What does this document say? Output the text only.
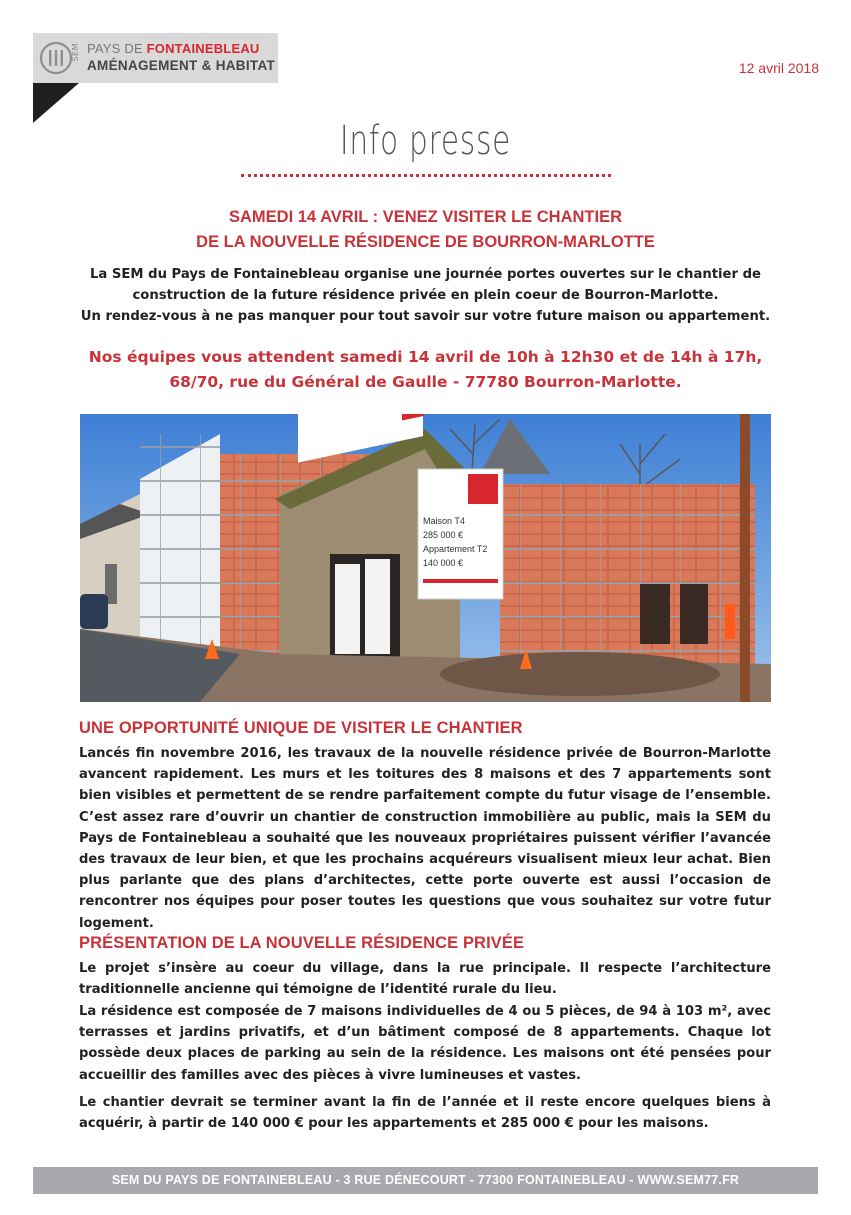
SEM PAYS DE FONTAINEBLEAU
AMÉNAGEMENT & HABITAT	12 avril 2018
Info presse
SAMEDI 14 AVRIL : VENEZ VISITER LE CHANTIER
DE LA NOUVELLE RÉSIDENCE DE BOURRON-MARLOTTE

La SEM du Pays de Fontainebleau organise une journée portes ouvertes sur le chantier de

construction de la future résidence privée en plein coeur de Bourron-Marlotte.

Un rendez-vous à ne pas manquer pour tout savoir sur votre future maison ou appartement.

Nos équipes vous attendent samedi 14 avril de 10h à 12h30 et de 14h à 17h,

68/70, rue du Général de Gaulle - 77780 Bourron-Marlotte.

Maison T4
285 000 €
Appartement T2
140 000 €
UNE OPPORTUNITÉ UNIQUE DE VISITER LE CHANTIER

Lancés fin novembre 2016, les travaux de la nouvelle résidence privée de Bourron-Marlotte avancent rapidement. Les murs et les toitures des 8 maisons et des 7 appartements sont bien visibles et permettent de se rendre parfaitement compte du futur visage de l’ensemble. C’est assez rare d’ouvrir un chantier de construction immobilière au public, mais la SEM du Pays de Fontainebleau a souhaité que les nouveaux propriétaires puissent vérifier l’avancée des travaux de leur bien, et que les prochains acquéreurs visualisent mieux leur achat. Bien plus parlante que des plans d’architectes, cette porte ouverte est aussi l’occasion de rencontrer nos équipes pour poser toutes les questions que vous souhaitez sur votre futur logement.

PRÉSENTATION DE LA NOUVELLE RÉSIDENCE PRIVÉE

Le projet s’insère au coeur du village, dans la rue principale. Il respecte l’architecture traditionnelle ancienne qui témoigne de l’identité rurale du lieu.

La résidence est composée de 7 maisons individuelles de 4 ou 5 pièces, de 94 à 103 m², avec terrasses et jardins privatifs, et d’un bâtiment composé de 8 appartements. Chaque lot possède deux places de parking au sein de la résidence. Les maisons ont été pensées pour accueillir des familles avec des pièces à vivre lumineuses et vastes.

Le chantier devrait se terminer avant la fin de l’année et il reste encore quelques biens à acquérir, à partir de 140 000 € pour les appartements et 285 000 € pour les maisons.

SEM DU PAYS DE FONTAINEBLEAU - 3 RUE DÉNECOURT - 77300 FONTAINEBLEAU - WWW.SEM77.FR
